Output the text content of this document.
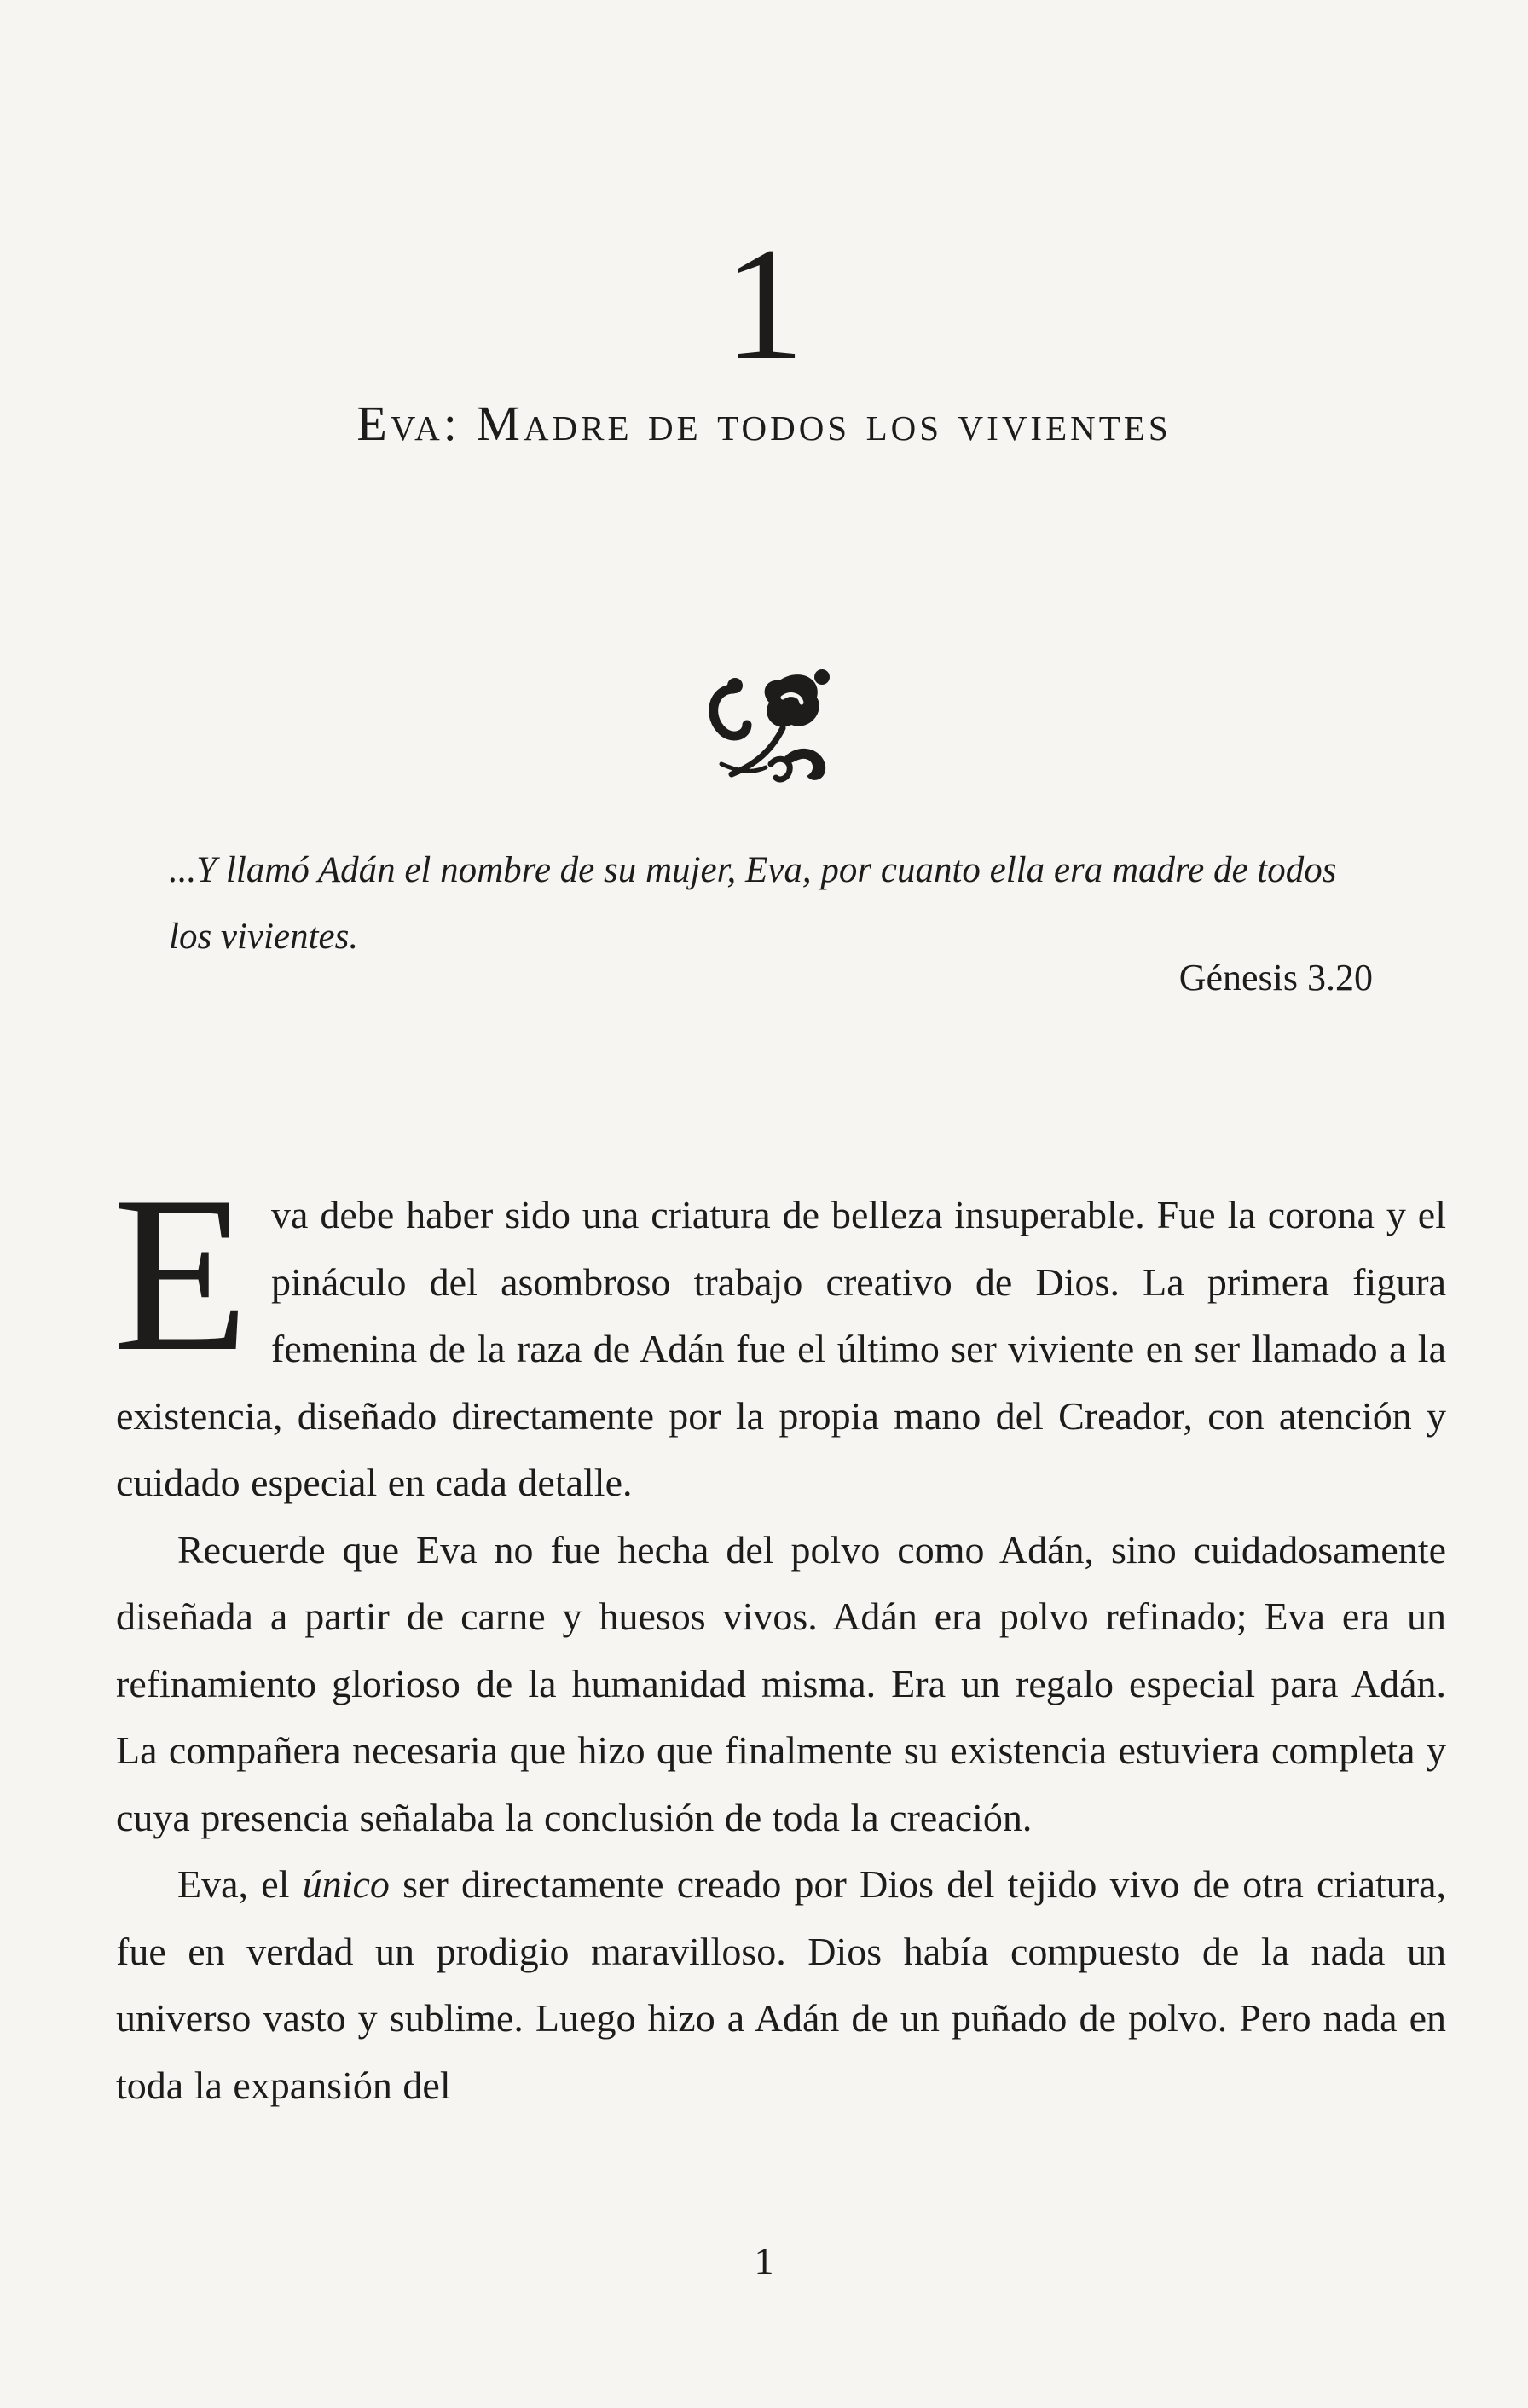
1
Eva: Madre de todos los vivientes
...Y llamó Adán el nombre de su mujer, Eva, por cuanto ella era madre de todos los vivientes.
Génesis 3.20

Eva debe haber sido una criatura de belleza insuperable. Fue la corona y el pináculo del asombroso trabajo creativo de Dios. La primera figura femenina de la raza de Adán fue el último ser viviente en ser llamado a la existencia, diseñado directamente por la propia mano del Creador, con atención y cuidado especial en cada detalle.

Recuerde que Eva no fue hecha del polvo como Adán, sino cuidadosamente diseñada a partir de carne y huesos vivos. Adán era polvo refinado; Eva era un refinamiento glorioso de la humanidad misma. Era un regalo especial para Adán. La compañera necesaria que hizo que finalmente su existencia estuviera completa y cuya presencia señalaba la conclusión de toda la creación.

Eva, el único ser directamente creado por Dios del tejido vivo de otra criatura, fue en verdad un prodigio maravilloso. Dios había compuesto de la nada un universo vasto y sublime. Luego hizo a Adán de un puñado de polvo. Pero nada en toda la expansión del

1
